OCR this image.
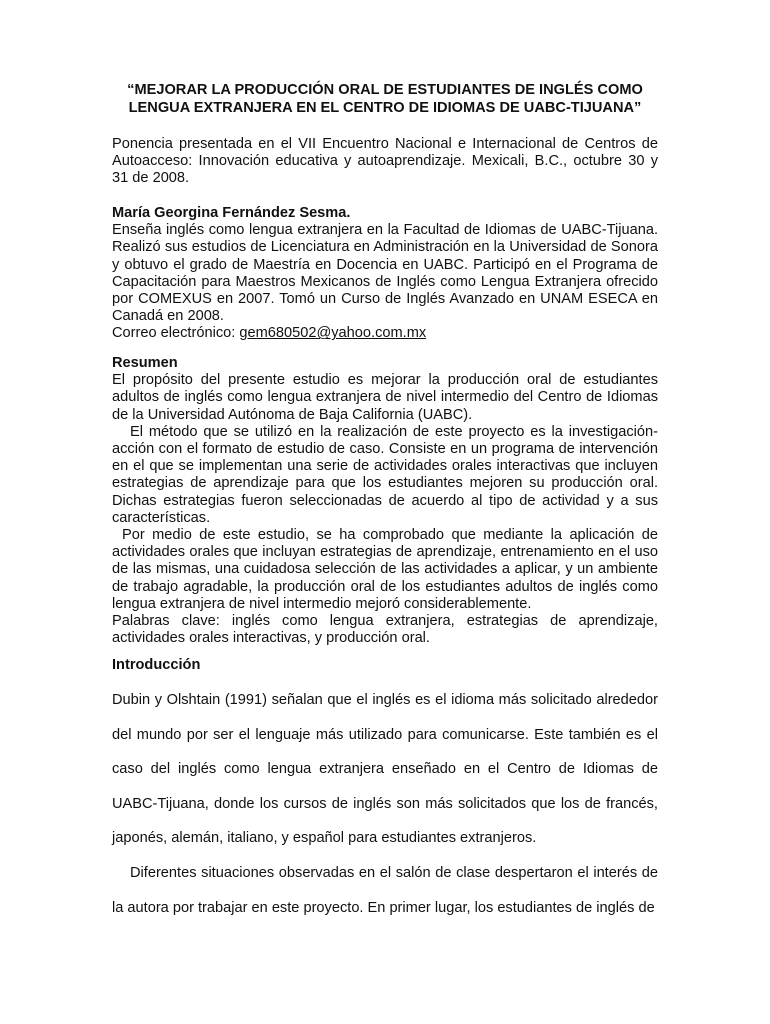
“MEJORAR LA PRODUCCIÓN ORAL DE ESTUDIANTES DE INGLÉS COMO LENGUA EXTRANJERA EN EL CENTRO DE IDIOMAS DE UABC-TIJUANA”

Ponencia presentada en el VII Encuentro Nacional e Internacional de Centros de Autoacceso: Innovación educativa y autoaprendizaje. Mexicali, B.C., octubre 30 y 31 de 2008.

María Georgina Fernández Sesma.

Enseña inglés como lengua extranjera en la Facultad de Idiomas de UABC-Tijuana. Realizó sus estudios de Licenciatura en Administración en la Universidad de Sonora y obtuvo el grado de Maestría en Docencia en UABC. Participó en el Programa de Capacitación para Maestros Mexicanos de Inglés como Lengua Extranjera ofrecido por COMEXUS en 2007. Tomó un Curso de Inglés Avanzado en UNAM ESECA en Canadá en 2008.

Correo electrónico: gem680502@yahoo.com.mx

Resumen

El propósito del presente estudio es mejorar la producción oral de estudiantes adultos de inglés como lengua extranjera de nivel intermedio del Centro de Idiomas de la Universidad Autónoma de Baja California (UABC).

El método que se utilizó en la realización de este proyecto es la investigación-acción con el formato de estudio de caso. Consiste en un programa de intervención en el que se implementan una serie de actividades orales interactivas que incluyen estrategias de aprendizaje para que los estudiantes mejoren su producción oral. Dichas estrategias fueron seleccionadas de acuerdo al tipo de actividad y a sus características.

Por medio de este estudio, se ha comprobado que mediante la aplicación de actividades orales que incluyan estrategias de aprendizaje, entrenamiento en el uso de las mismas, una cuidadosa selección de las actividades a aplicar, y un ambiente de trabajo agradable, la producción oral de los estudiantes adultos de inglés como lengua extranjera de nivel intermedio mejoró considerablemente.

Palabras clave: inglés como lengua extranjera, estrategias de aprendizaje, actividades orales interactivas, y producción oral.

Introducción

Dubin y Olshtain (1991) señalan que el inglés es el idioma más solicitado alrededor del mundo por ser el lenguaje más utilizado para comunicarse. Este también es el caso del inglés como lengua extranjera enseñado en el Centro de Idiomas de UABC-Tijuana, donde los cursos de inglés son más solicitados que los de francés, japonés, alemán, italiano, y español para estudiantes extranjeros.

Diferentes situaciones observadas en el salón de clase despertaron el interés de la autora por trabajar en este proyecto. En primer lugar, los estudiantes de inglés de
